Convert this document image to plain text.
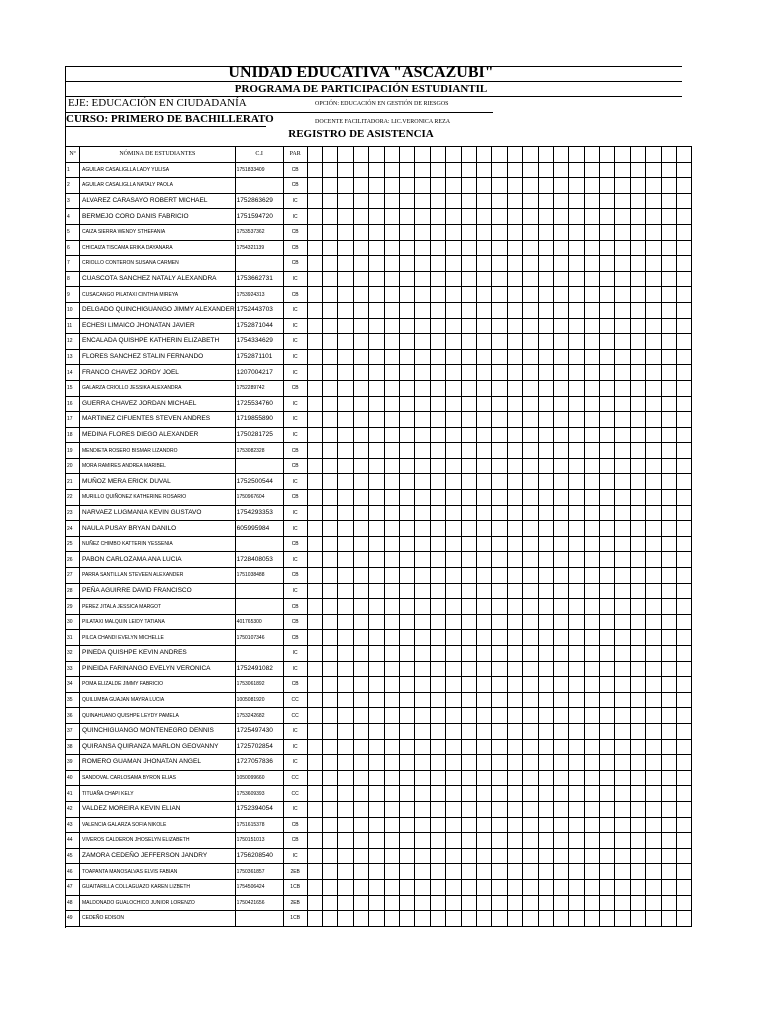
UNIDAD EDUCATIVA "ASCAZUBI"
PROGRAMA DE PARTICIPACIÓN ESTUDIANTIL
EJE: EDUCACIÓN EN CIUDADANÍA	OPCIÓN: EDUCACIÓN EN GESTIÓN DE RIESGOS
CURSO: PRIMERO DE BACHILLERATO	DOCENTE FACILITADORA: LIC.VERONICA REZA
REGISTRO DE ASISTENCIA
Nº	NÓMINA DE ESTUDIANTES	C.I	PAR																									
1	AGUILAR CASALIGLLA LADY YULISA	1751833409	CB																									
2	AGUILAR CASALIGLLA NATALY PAOLA		CB																									
3	ALVAREZ CARASAYO ROBERT MICHAEL	1752863629	IC																									
4	BERMEJO CORO DANIS FABRICIO	1751594720	IC																									
5	CAIZA SIERRA WENDY STHEFANIA	1753537362	CB																									
6	CHICAIZA TISCAMA ERIKA DAYANARA	1754321139	CB																									
7	CRIOLLO CONTERON SUSANA CARMEN		CB																									
8	CUASCOTA SANCHEZ NATALY ALEXANDRA	1753662731	IC																									
9	CUSACANGO PILATAXI CINTHIA MIREYA	1753924313	CB																									
10	DELGADO QUINCHIGUANGO JIMMY ALEXANDER	1752443703	IC																									
11	ECHESI LIMAICO JHONATAN JAVIER	1752871044	IC																									
12	ENCALADA QUISHPE KATHERIN ELIZABETH	1754334629	IC																									
13	FLORES SANCHEZ STALIN FERNANDO	1752871101	IC																									
14	FRANCO CHAVEZ JORDY JOEL	1207004217	IC																									
15	GALARZA CRIOLLO JESSIKA ALEXANDRA	1752289742	CB																									
16	GUERRA CHAVEZ JORDAN MICHAEL	1725534760	IC																									
17	MARTINEZ CIFUENTES STEVEN ANDRES	1719855890	IC																									
18	MEDINA FLORES DIEGO ALEXANDER	1750281725	IC																									
19	MENDIETA ROSERO BISMAR LIZANDRO	1753082328	CB																									
20	MORA RAMIRES ANDREA MARIBEL		CB																									
21	MUÑOZ MERA ERICK DUVAL	1752500544	IC																									
22	MURILLO QUIÑONEZ KATHERINE ROSARIO	1750967604	CB																									
23	NARVAEZ LUGMANIA KEVIN GUSTAVO	1754293353	IC																									
24	NAULA PUSAY BRYAN DANILO	605995984	IC																									
25	NUÑEZ CHIMBO KATTERIN YESSENIA		CB																									
26	PABON CARLOZAMA ANA LUCIA	1728408053	IC																									
27	PARRA SANTILLAN STEVEEN ALEXANDER	1751038488	CB																									
28	PEÑA AGUIRRE DAVID FRANCISCO		IC																									
29	PEREZ JITALA JESSICA MARGOT		CB																									
30	PILATAXI MALQUIN LEIDY TATIANA	401765300	CB																									
31	PILCA CHANDI EVELYN MICHELLE	1750107346	CB																									
32	PINEDA QUISHPE KEVIN ANDRES		IC																									
33	PINEIDA FARINANGO EVELYN VERONICA	1752491082	IC																									
34	POMA ELIZALDE JIMMY FABRICIO	1753061892	CB																									
35	QUILUMBA GUAJAN MAYRA LUCIA	1005081920	CC																									
36	QUINAHUANO QUISHPE LEYDY PAMELA	1753242682	CC																									
37	QUINCHIGUANGO MONTENEGRO DENNIS	1725497430	IC																									
38	QUIRANSA QUIRANZA MARLON GEOVANNY	1725702854	IC																									
39	ROMERO GUAMAN JHONATAN ANGEL	1727057836	IC																									
40	SANDOVAL CARLOSAMA BYRON ELIAS	1050099660	CC																									
41	TITUAÑA CHAPI KELY	1753609393	CC																									
42	VALDEZ MOREIRA KEVIN ELIAN	1752394054	IC																									
43	VALENCIA GALARZA SOFIA NIKOLE	1751615378	CB																									
44	VIVEROS CALDERON JHOSELYN ELIZABETH	1750151013	CB																									
45	ZAMORA CEDEÑO JEFFERSON JANDRY	1756208540	IC																									
46	TOAPANTA MANOSALVAS ELVIS FABIAN	1750361857	2EB																									
47	GUAITARILLA COLLAGUAZO KAREN LIZBETH	1754506424	1CB																									
48	MALDONADO GUALOCHICO JUNIOR LORENZO	1750421656	2EB																									
49	CEDEÑO EDISON		1CB																									
